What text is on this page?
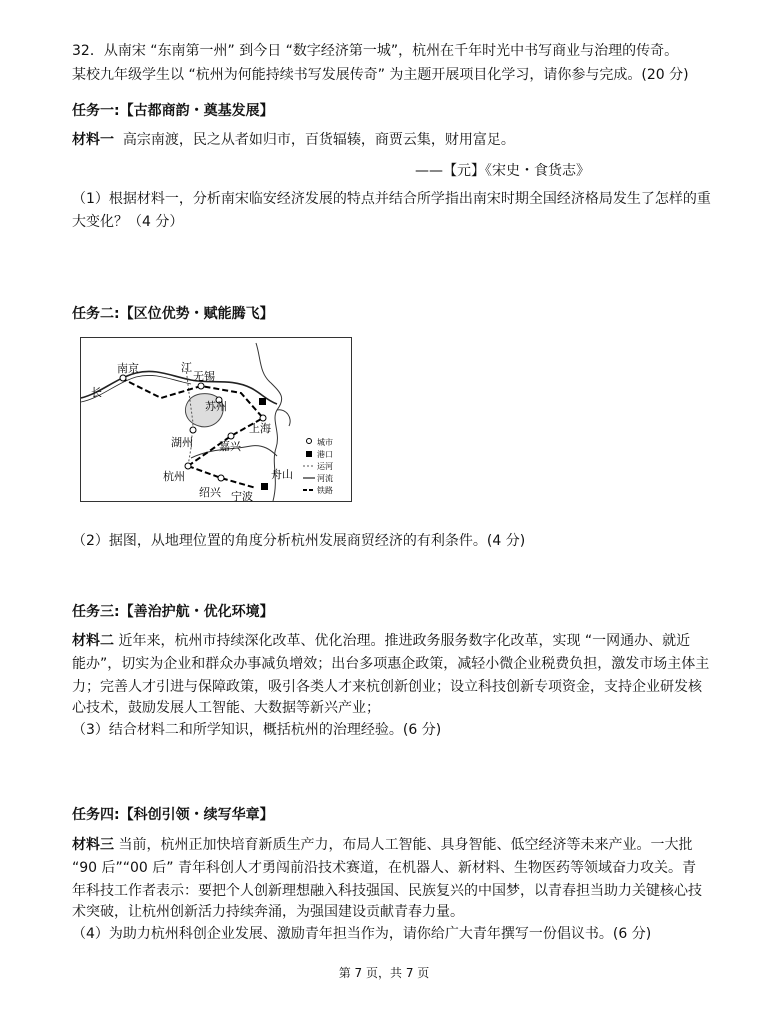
32．从南宋 “东南第一州” 到今日 “数字经济第一城”，杭州在千年时光中书写商业与治理的传奇。
某校九年级学生以 “杭州为何能持续书写发展传奇” 为主题开展项目化学习，请你参与完成。(20 分)
任务一:【古都商韵・奠基发展】
材料一 高宗南渡，民之从者如归市，百货辐辏，商贾云集，财用富足。
——【元】《宋史・食货志》
（1）根据材料一，分析南宋临安经济发展的特点并结合所学指出南宋时期全国经济格局发生了怎样的重
大变化？（4 分）
任务二:【区位优势・赋能腾飞】
南京	江
长
无锡
苏州
上海
湖州 嘉兴
杭州
绍兴
舟山
宁波
城市
港口
运河
河流
铁路
（2）据图，从地理位置的角度分析杭州发展商贸经济的有利条件。(4 分)
任务三:【善治护航・优化环境】
材料二 近年来，杭州市持续深化改革、优化治理。推进政务服务数字化改革，实现 “一网通办、就近
能办”，切实为企业和群众办事减负增效；出台多项惠企政策，减轻小微企业税费负担，激发市场主体主
力；完善人才引进与保障政策，吸引各类人才来杭创新创业；设立科技创新专项资金，支持企业研发核
心技术，鼓励发展人工智能、大数据等新兴产业；
（3）结合材料二和所学知识，概括杭州的治理经验。(6 分)
任务四:【科创引领・续写华章】
材料三 当前，杭州正加快培育新质生产力，布局人工智能、具身智能、低空经济等未来产业。一大批
“90 后”“00 后” 青年科创人才勇闯前沿技术赛道，在机器人、新材料、生物医药等领域奋力攻关。青
年科技工作者表示：要把个人创新理想融入科技强国、民族复兴的中国梦，以青春担当助力关键核心技
术突破，让杭州创新活力持续奔涌，为强国建设贡献青春力量。
（4）为助力杭州科创企业发展、激励青年担当作为，请你给广大青年撰写一份倡议书。(6 分)
第 7 页，共 7 页
